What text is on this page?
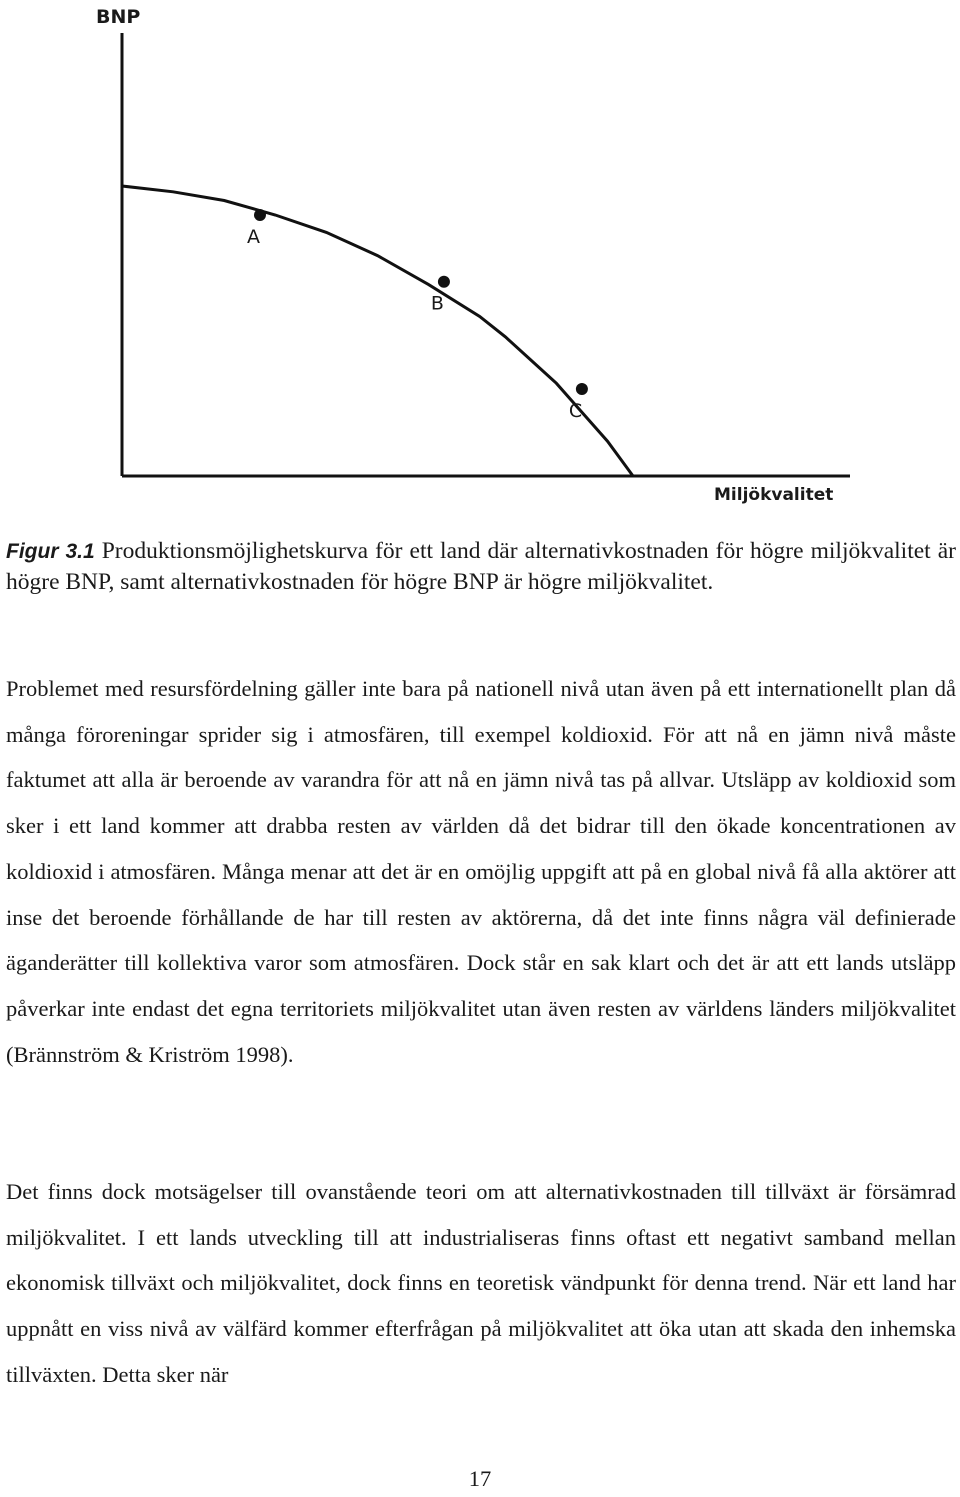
BNP
A
B
C
Miljökvalitet

Figur 3.1 Produktionsmöjlighetskurva för ett land där alternativkostnaden för högre miljökvalitet är högre BNP, samt alternativkostnaden för högre BNP är högre miljökvalitet.

Problemet med resursfördelning gäller inte bara på nationell nivå utan även på ett internationellt plan då många föroreningar sprider sig i atmosfären, till exempel koldioxid. För att nå en jämn nivå måste faktumet att alla är beroende av varandra för att nå en jämn nivå tas på allvar. Utsläpp av koldioxid som sker i ett land kommer att drabba resten av världen då det bidrar till den ökade koncentrationen av koldioxid i atmosfären. Många menar att det är en omöjlig uppgift att på en global nivå få alla aktörer att inse det beroende förhållande de har till resten av aktörerna, då det inte finns några väl definierade äganderätter till kollektiva varor som atmosfären. Dock står en sak klart och det är att ett lands utsläpp påverkar inte endast det egna territoriets miljökvalitet utan även resten av världens länders miljökvalitet (Brännström & Kriström 1998).

Det finns dock motsägelser till ovanstående teori om att alternativkostnaden till tillväxt är försämrad miljökvalitet. I ett lands utveckling till att industrialiseras finns oftast ett negativt samband mellan ekonomisk tillväxt och miljökvalitet, dock finns en teoretisk vändpunkt för denna trend. När ett land har uppnått en viss nivå av välfärd kommer efterfrågan på miljökvalitet att öka utan att skada den inhemska tillväxten. Detta sker när

17
